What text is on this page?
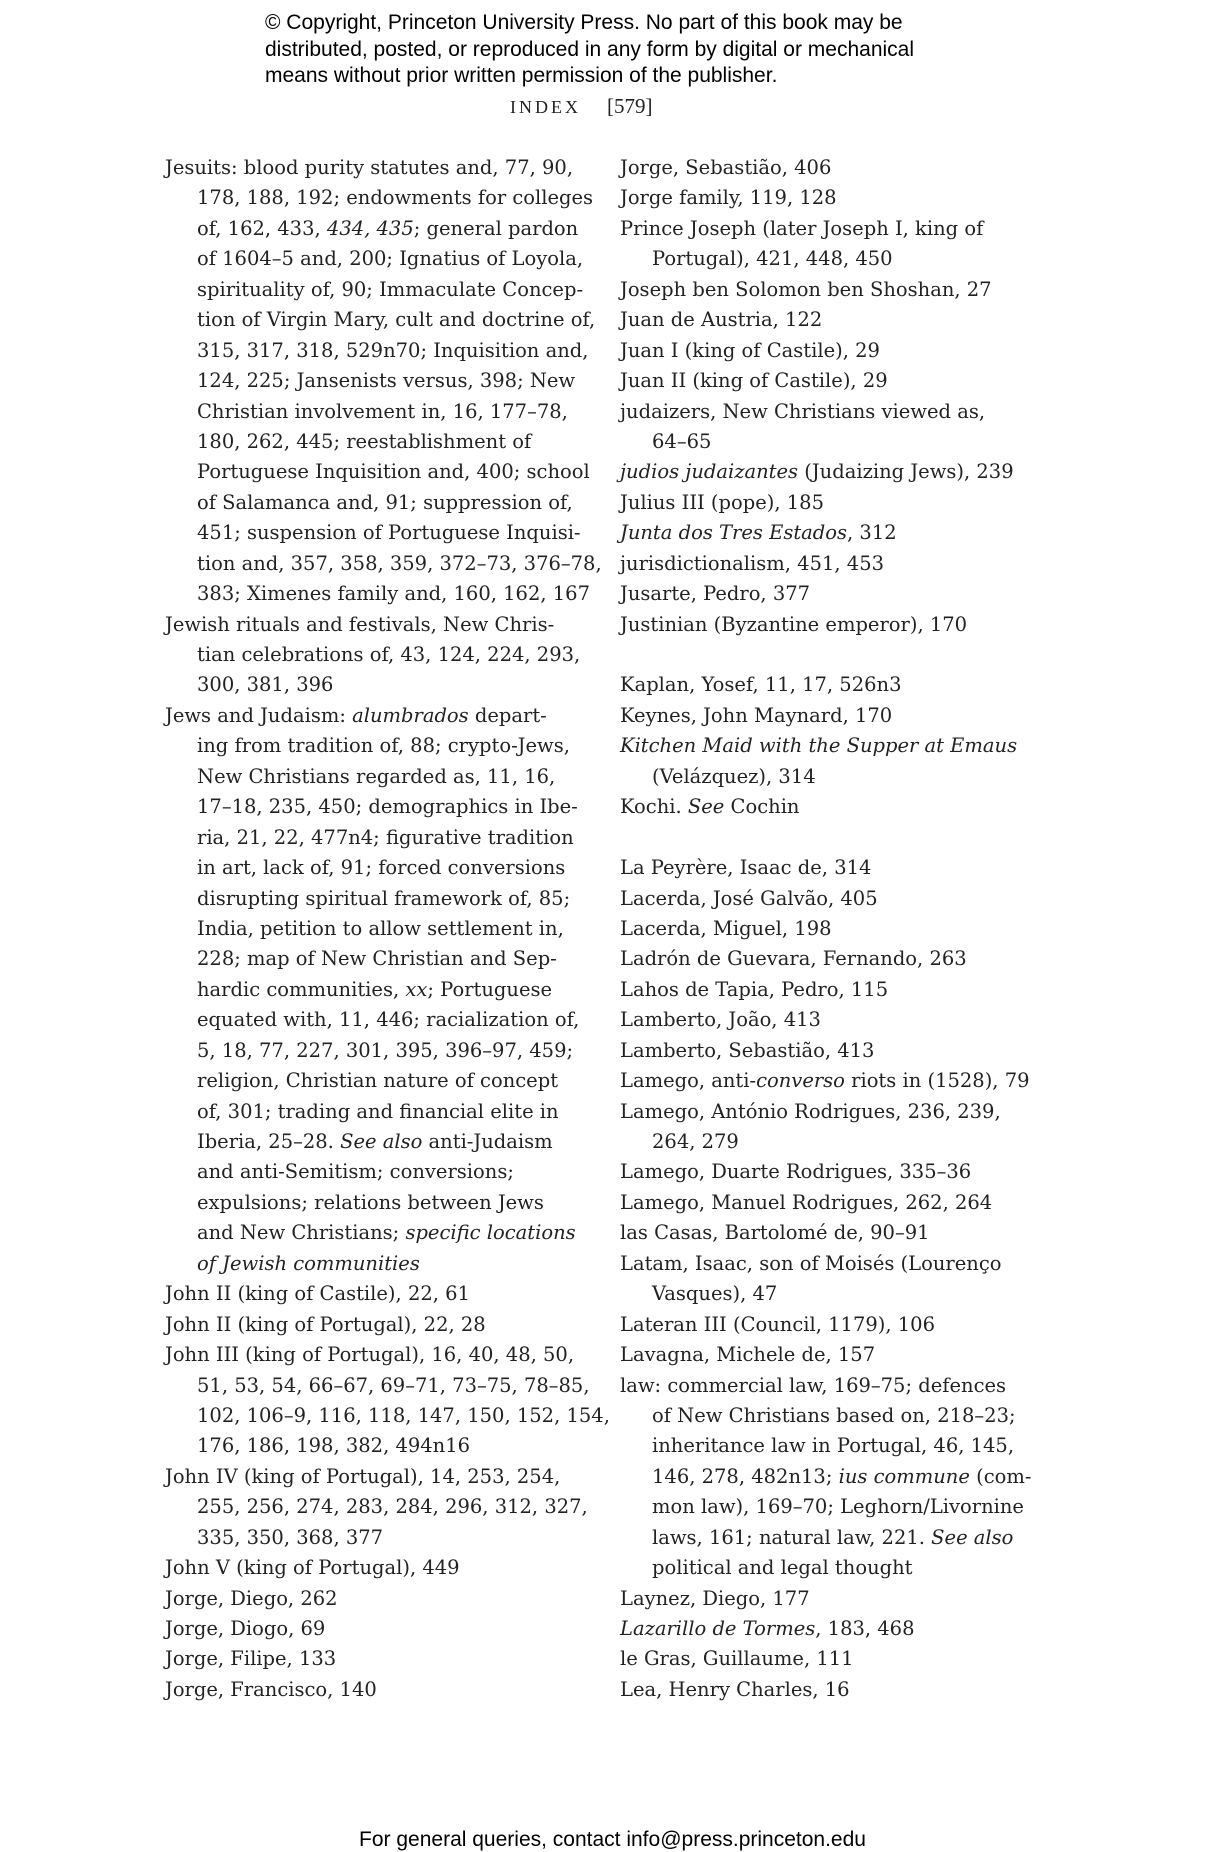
© Copyright, Princeton University Press. No part of this book may be
distributed, posted, or reproduced in any form by digital or mechanical
means without prior written permission of the publisher.
INDEX [579]
Jesuits: blood purity statutes and, 77, 90,
178, 188, 192; endowments for colleges
of, 162, 433, 434, 435; general pardon
of 1604–5 and, 200; Ignatius of Loyola,
spirituality of, 90; Immaculate Concep-
tion of Virgin Mary, cult and doctrine of,
315, 317, 318, 529n70; Inquisition and,
124, 225; Jansenists versus, 398; New
Christian involvement in, 16, 177–78,
180, 262, 445; reestablishment of
Portuguese Inquisition and, 400; school
of Salamanca and, 91; suppression of,
451; suspension of Portuguese Inquisi-
tion and, 357, 358, 359, 372–73, 376–78,
383; Ximenes family and, 160, 162, 167
Jewish rituals and festivals, New Chris-
tian celebrations of, 43, 124, 224, 293,
300, 381, 396
Jews and Judaism: alumbrados depart-
ing from tradition of, 88; crypto-Jews,
New Christians regarded as, 11, 16,
17–18, 235, 450; demographics in Ibe-
ria, 21, 22, 477n4; figurative tradition
in art, lack of, 91; forced conversions
disrupting spiritual framework of, 85;
India, petition to allow settlement in,
228; map of New Christian and Sep-
hardic communities, xx; Portuguese
equated with, 11, 446; racialization of,
5, 18, 77, 227, 301, 395, 396–97, 459;
religion, Christian nature of concept
of, 301; trading and financial elite in
Iberia, 25–28. See also anti-Judaism
and anti-Semitism; conversions;
expulsions; relations between Jews
and New Christians; specific locations
of Jewish communities
John II (king of Castile), 22, 61
John II (king of Portugal), 22, 28
John III (king of Portugal), 16, 40, 48, 50,
51, 53, 54, 66–67, 69–71, 73–75, 78–85,
102, 106–9, 116, 118, 147, 150, 152, 154,
176, 186, 198, 382, 494n16
John IV (king of Portugal), 14, 253, 254,
255, 256, 274, 283, 284, 296, 312, 327,
335, 350, 368, 377
John V (king of Portugal), 449
Jorge, Diego, 262
Jorge, Diogo, 69
Jorge, Filipe, 133
Jorge, Francisco, 140
Jorge, Sebastião, 406
Jorge family, 119, 128
Prince Joseph (later Joseph I, king of
Portugal), 421, 448, 450
Joseph ben Solomon ben Shoshan, 27
Juan de Austria, 122
Juan I (king of Castile), 29
Juan II (king of Castile), 29
judaizers, New Christians viewed as,
64–65
judios judaizantes (Judaizing Jews), 239
Julius III (pope), 185
Junta dos Tres Estados, 312
jurisdictionalism, 451, 453
Jusarte, Pedro, 377
Justinian (Byzantine emperor), 170
Kaplan, Yosef, 11, 17, 526n3
Keynes, John Maynard, 170
Kitchen Maid with the Supper at Emaus
(Velázquez), 314
Kochi. See Cochin
La Peyrère, Isaac de, 314
Lacerda, José Galvão, 405
Lacerda, Miguel, 198
Ladrón de Guevara, Fernando, 263
Lahos de Tapia, Pedro, 115
Lamberto, João, 413
Lamberto, Sebastião, 413
Lamego, anti-converso riots in (1528), 79
Lamego, António Rodrigues, 236, 239,
264, 279
Lamego, Duarte Rodrigues, 335–36
Lamego, Manuel Rodrigues, 262, 264
las Casas, Bartolomé de, 90–91
Latam, Isaac, son of Moisés (Lourenço
Vasques), 47
Lateran III (Council, 1179), 106
Lavagna, Michele de, 157
law: commercial law, 169–75; defences
of New Christians based on, 218–23;
inheritance law in Portugal, 46, 145,
146, 278, 482n13; ius commune (com-
mon law), 169–70; Leghorn/Livornine
laws, 161; natural law, 221. See also
political and legal thought
Laynez, Diego, 177
Lazarillo de Tormes, 183, 468
le Gras, Guillaume, 111
Lea, Henry Charles, 16
For general queries, contact info@press.princeton.edu
